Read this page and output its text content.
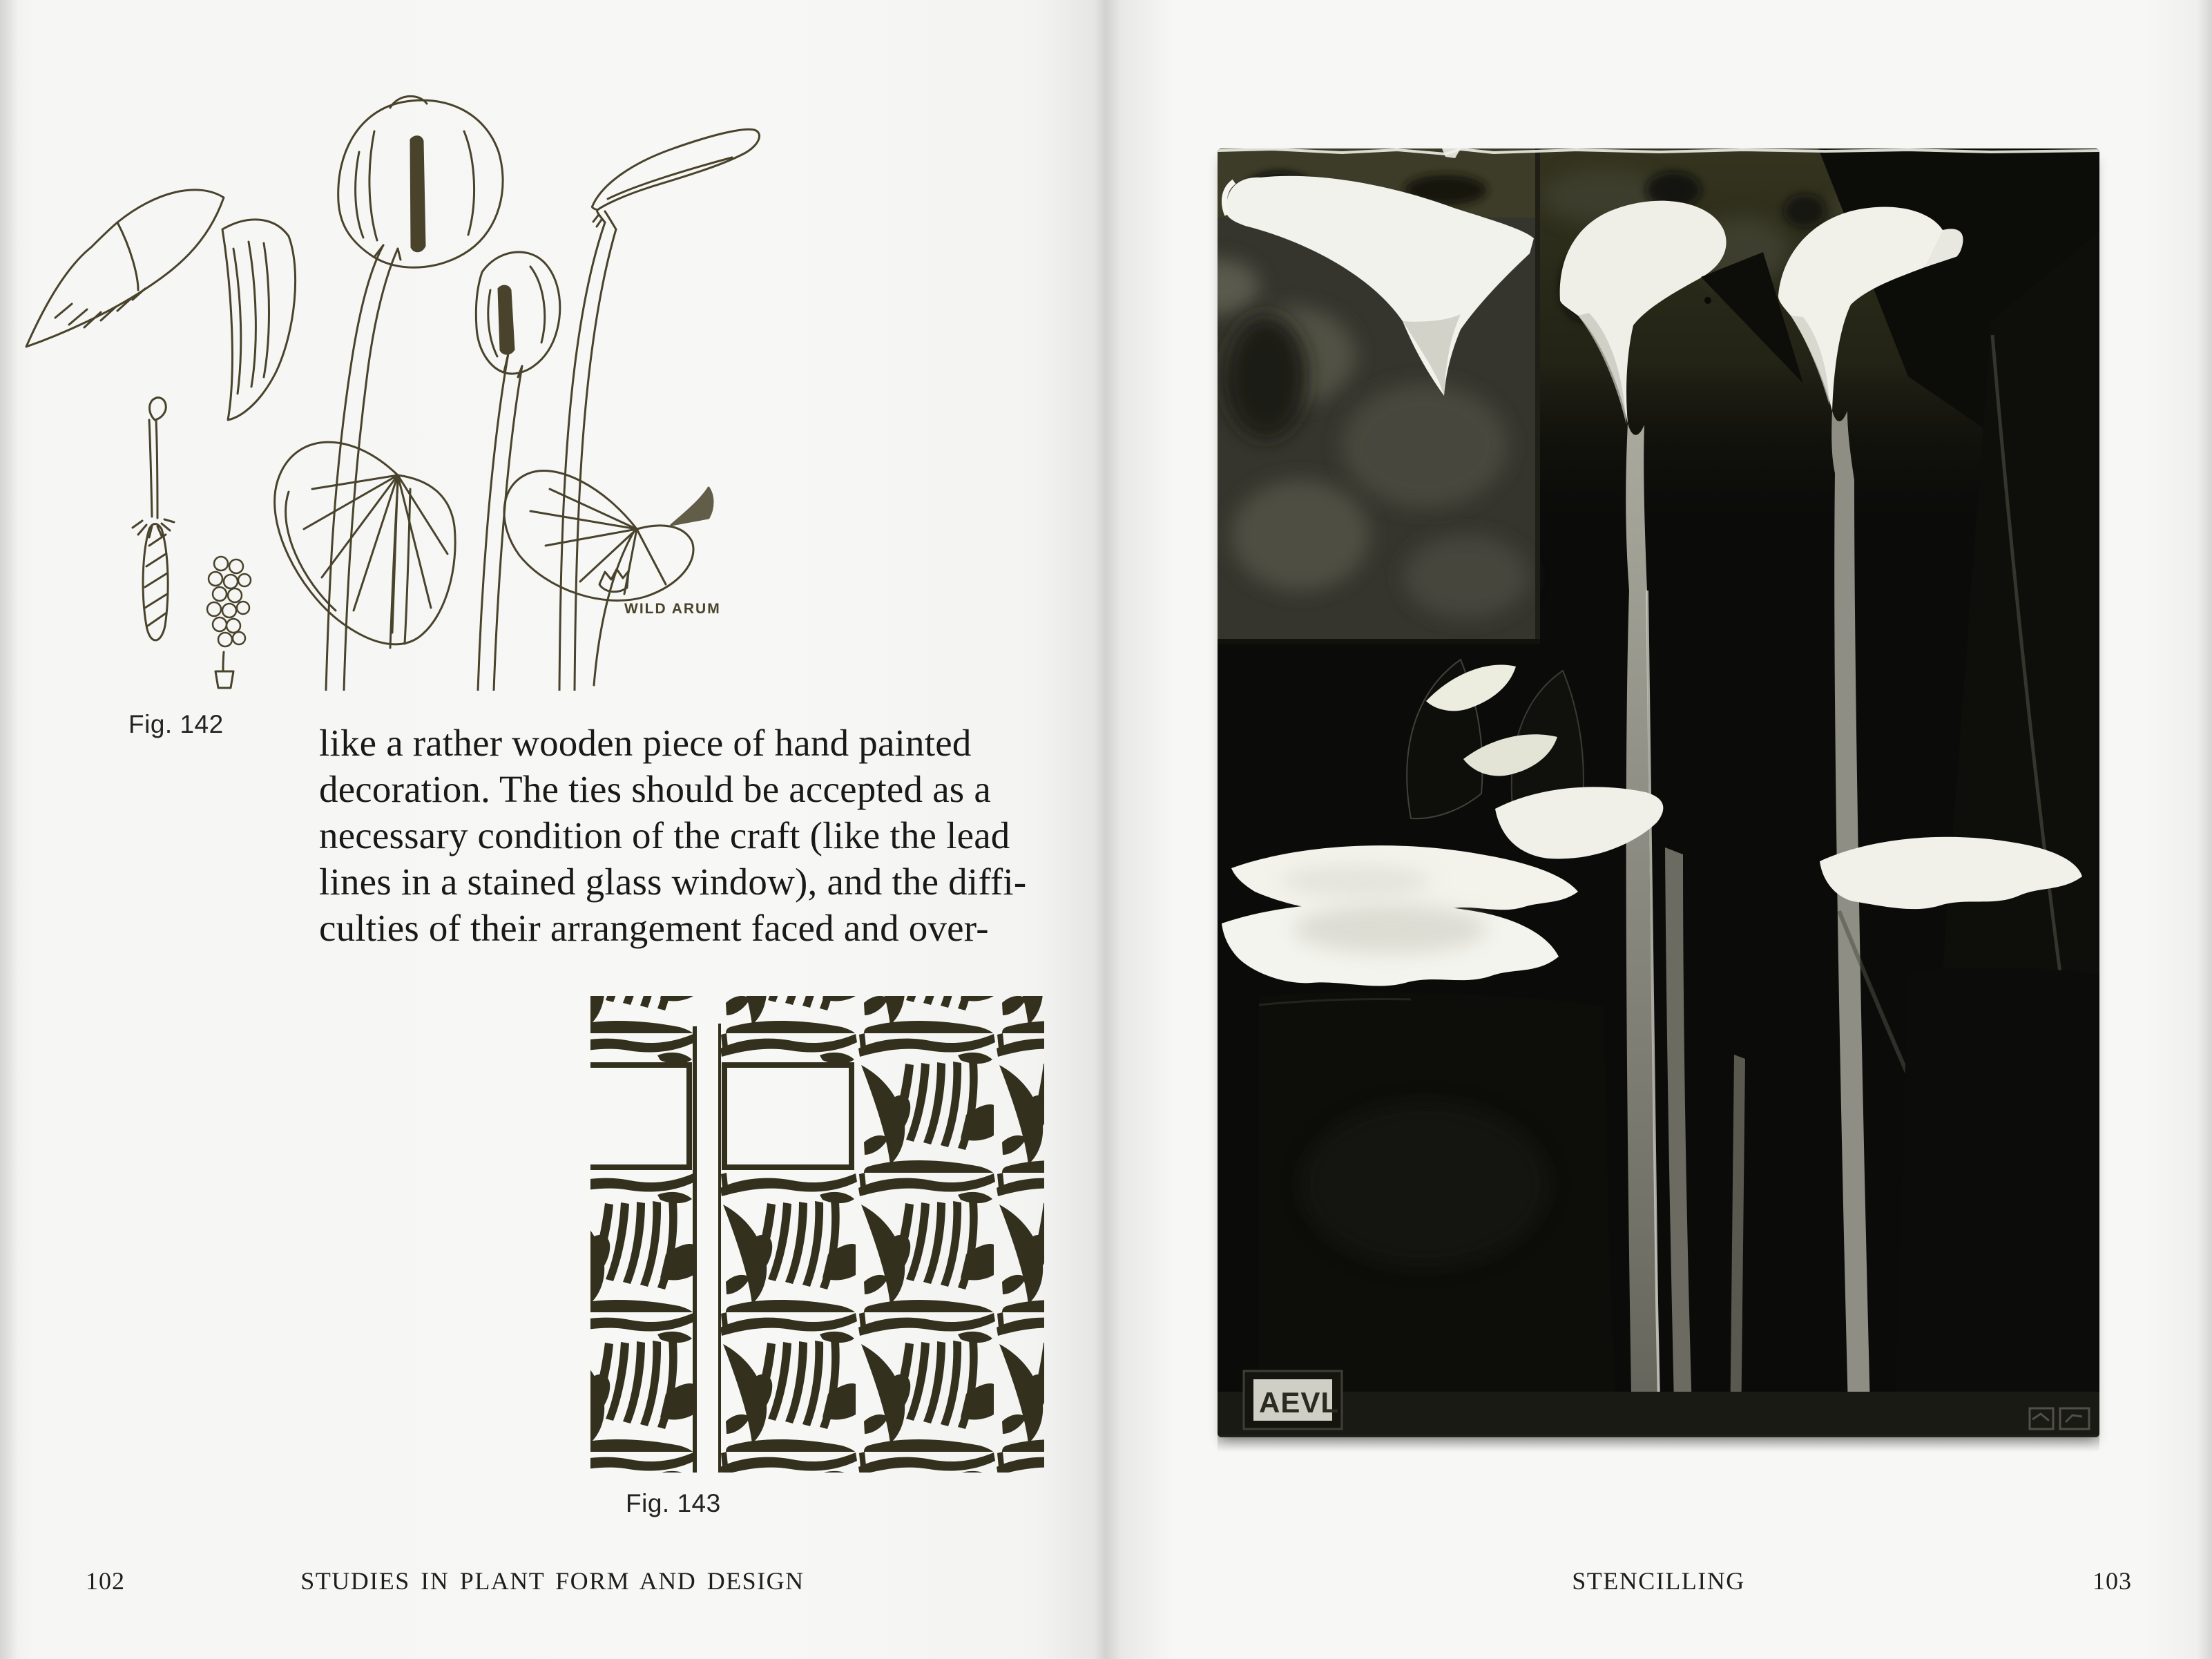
WILD ARUM
Fig. 142	like a rather wooden piece of hand painted
decoration. The ties should be accepted as a
necessary condition of the craft (like the lead
lines in a stained glass window), and the diffi-
culties of their arrangement faced and over-
Fig. 143
102	STUDIES IN PLANT FORM AND DESIGN	STENCILLING	103
AEVL
